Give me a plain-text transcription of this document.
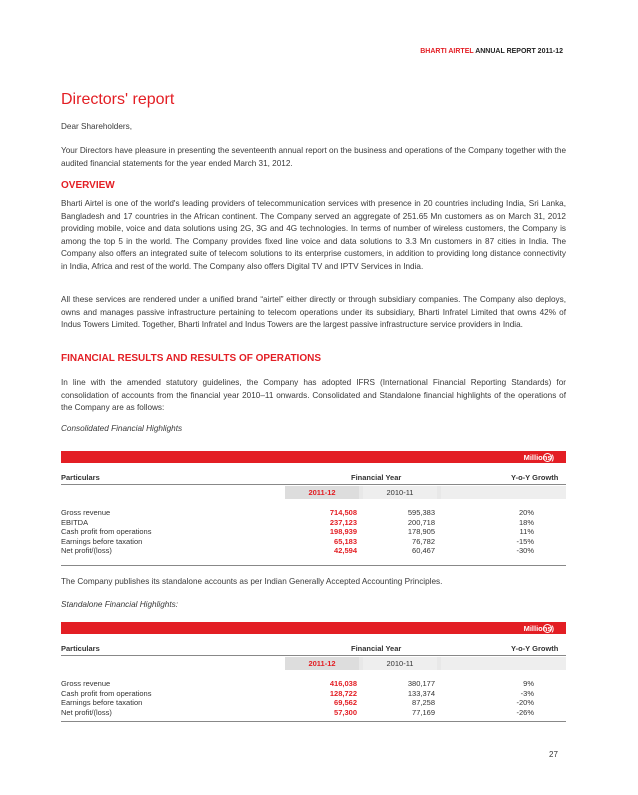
BHARTI AIRTEL ANNUAL REPORT 2011-12
Directors' report

Dear Shareholders,

Your Directors have pleasure in presenting the seventeenth annual report on the business and operations of the Company together with the audited financial statements for the year ended March 31, 2012.

OVERVIEW

Bharti Airtel is one of the world's leading providers of telecommunication services with presence in 20 countries including India, Sri Lanka, Bangladesh and 17 countries in the African continent. The Company served an aggregate of 251.65 Mn customers as on March 31, 2012 providing mobile, voice and data solutions using 2G, 3G and 4G technologies. In terms of number of wireless customers, the Company is among the top 5 in the world. The Company provides fixed line voice and data solutions to 3.3 Mn customers in 87 cities in India. The Company also offers an integrated suite of telecom solutions to its enterprise customers, in addition to providing long distance connectivity in India, Africa and rest of the world. The Company also offers Digital TV and IPTV Services in India.

All these services are rendered under a unified brand “airtel” either directly or through subsidiary companies. The Company also deploys, owns and manages passive infrastructure pertaining to telecom operations under its subsidiary, Bharti Infratel Limited that owns 42% of Indus Towers Limited. Together, Bharti Infratel and Indus Towers are the largest passive infrastructure service providers in India.

FINANCIAL RESULTS AND RESULTS OF OPERATIONS

In line with the amended statutory guidelines, the Company has adopted IFRS (International Financial Reporting Standards) for consolidation of accounts from the financial year 2010–11 onwards. Consolidated and Standalone financial highlights of the operations of the Company are as follows:

Consolidated Financial Highlights

Millions)
Particulars	Financial Year	Y-o-Y Growth
2011-12	2010-11
Gross revenue	714,508	595,383	20%
EBITDA	237,123	200,718	18%
Cash profit from operations	198,939	178,905	11%
Earnings before taxation	65,183	76,782	-15%
Net profit/(loss)	42,594	60,467	-30%

The Company publishes its standalone accounts as per Indian Generally Accepted Accounting Principles.

Standalone Financial Highlights:

Millions)
Particulars	Financial Year	Y-o-Y Growth
2011-12	2010-11
Gross revenue	416,038	380,177	9%
Cash profit from operations	128,722	133,374	-3%
Earnings before taxation	69,562	87,258	-20%
Net profit/(loss)	57,300	77,169	-26%
27
